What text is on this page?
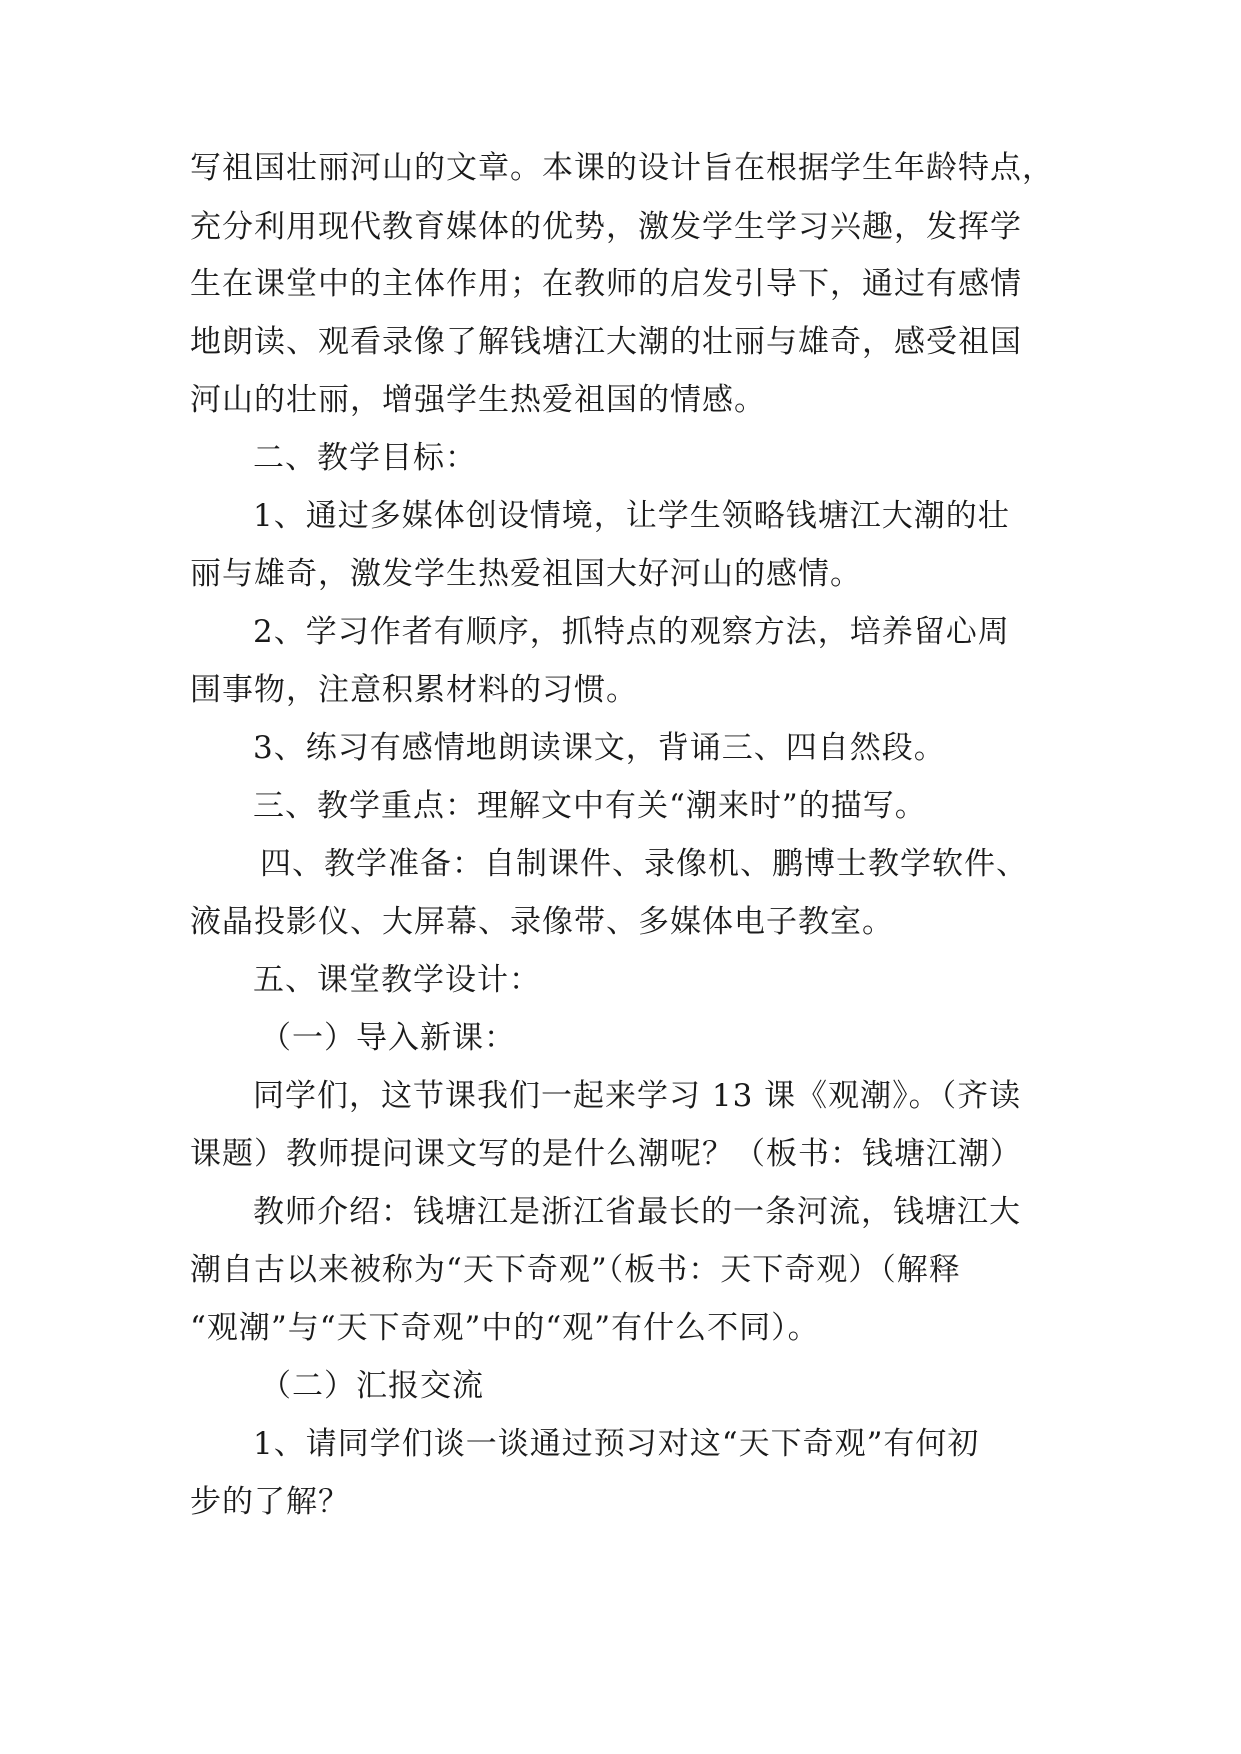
写祖国壮丽河山的文章。本课的设计旨在根据学生年龄特点，
充分利用现代教育媒体的优势，激发学生学习兴趣，发挥学
生在课堂中的主体作用；在教师的启发引导下，通过有感情
地朗读、观看录像了解钱塘江大潮的壮丽与雄奇，感受祖国
河山的壮丽，增强学生热爱祖国的情感。
二、教学目标：
1、通过多媒体创设情境，让学生领略钱塘江大潮的壮
丽与雄奇，激发学生热爱祖国大好河山的感情。
2、学习作者有顺序，抓特点的观察方法，培养留心周
围事物，注意积累材料的习惯。
3、练习有感情地朗读课文，背诵三、四自然段。
三、教学重点：理解文中有关“潮来时”的描写。
四、教学准备：自制课件、录像机、鹏博士教学软件、
液晶投影仪、大屏幕、录像带、多媒体电子教室。
五、课堂教学设计：
（一）导入新课：
同学们，这节课我们一起来学习 13 课《观潮》。（齐读
课题）教师提问课文写的是什么潮呢？（板书：钱塘江潮）
教师介绍：钱塘江是浙江省最长的一条河流，钱塘江大
潮自古以来被称为“天下奇观”（板书：天下奇观）（解释
“观潮”与“天下奇观”中的“观”有什么不同）。
（二）汇报交流
1、请同学们谈一谈通过预习对这“天下奇观”有何初
步的了解？
